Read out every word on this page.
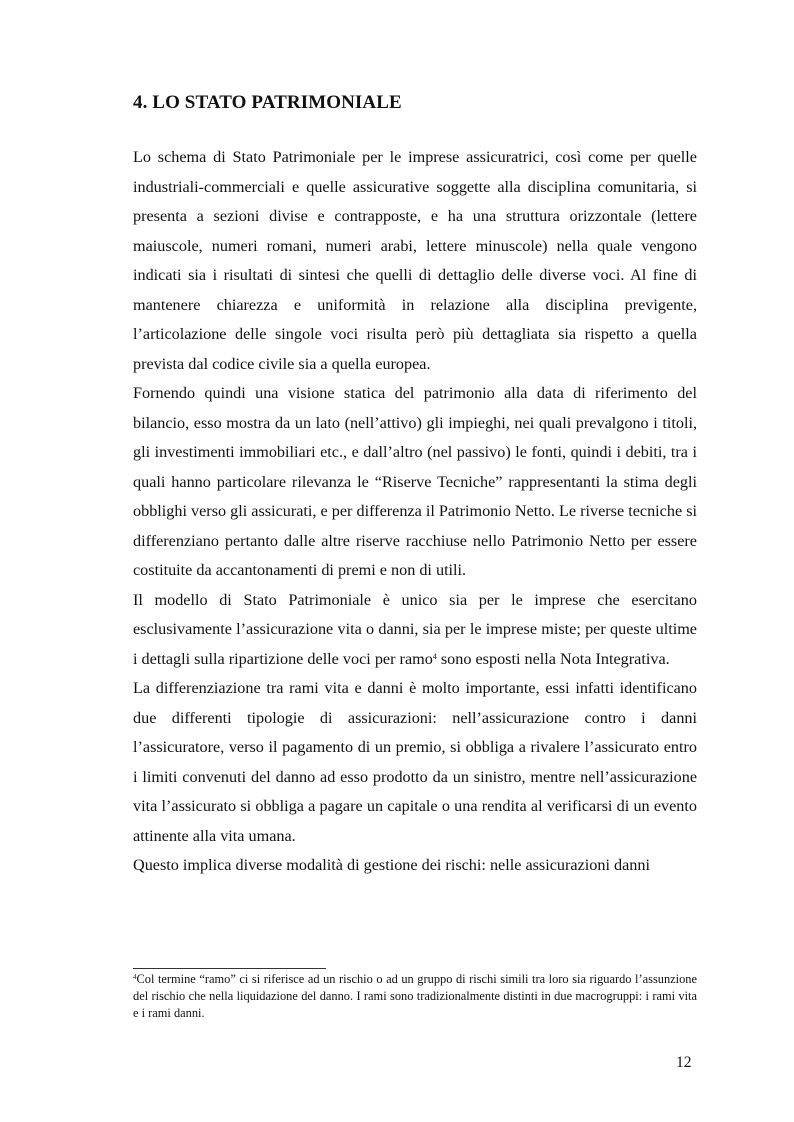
4. LO STATO PATRIMONIALE

Lo schema di Stato Patrimoniale per le imprese assicuratrici, così come per quelle industriali-commerciali e quelle assicurative soggette alla disciplina comunitaria, si presenta a sezioni divise e contrapposte, e ha una struttura orizzontale (lettere maiuscole, numeri romani, numeri arabi, lettere minuscole) nella quale vengono indicati sia i risultati di sintesi che quelli di dettaglio delle diverse voci. Al fine di mantenere chiarezza e uniformità in relazione alla disciplina previgente, l’articolazione delle singole voci risulta però più dettagliata sia rispetto a quella prevista dal codice civile sia a quella europea.

Fornendo quindi una visione statica del patrimonio alla data di riferimento del bilancio, esso mostra da un lato (nell’attivo) gli impieghi, nei quali prevalgono i titoli, gli investimenti immobiliari etc., e dall’altro (nel passivo) le fonti, quindi i debiti, tra i quali hanno particolare rilevanza le “Riserve Tecniche” rappresentanti la stima degli obblighi verso gli assicurati, e per differenza il Patrimonio Netto. Le riverse tecniche si differenziano pertanto dalle altre riserve racchiuse nello Patrimonio Netto per essere costituite da accantonamenti di premi e non di utili.

Il modello di Stato Patrimoniale è unico sia per le imprese che esercitano esclusivamente l’assicurazione vita o danni, sia per le imprese miste; per queste ultime i dettagli sulla ripartizione delle voci per ramo$^4$ sono esposti nella Nota Integrativa.

La differenziazione tra rami vita e danni è molto importante, essi infatti identificano due differenti tipologie di assicurazioni: nell’assicurazione contro i danni l’assicuratore, verso il pagamento di un premio, si obbliga a rivalere l’assicurato entro i limiti convenuti del danno ad esso prodotto da un sinistro, mentre nell’assicurazione vita l’assicurato si obbliga a pagare un capitale o una rendita al verificarsi di un evento attinente alla vita umana.

Questo implica diverse modalità di gestione dei rischi: nelle assicurazioni danni

$^4$Col termine “ramo” ci si riferisce ad un rischio o ad un gruppo di rischi simili tra loro sia riguardo l’assunzione del rischio che nella liquidazione del danno. I rami sono tradizionalmente distinti in due macrogruppi: i rami vita e i rami danni.

12
